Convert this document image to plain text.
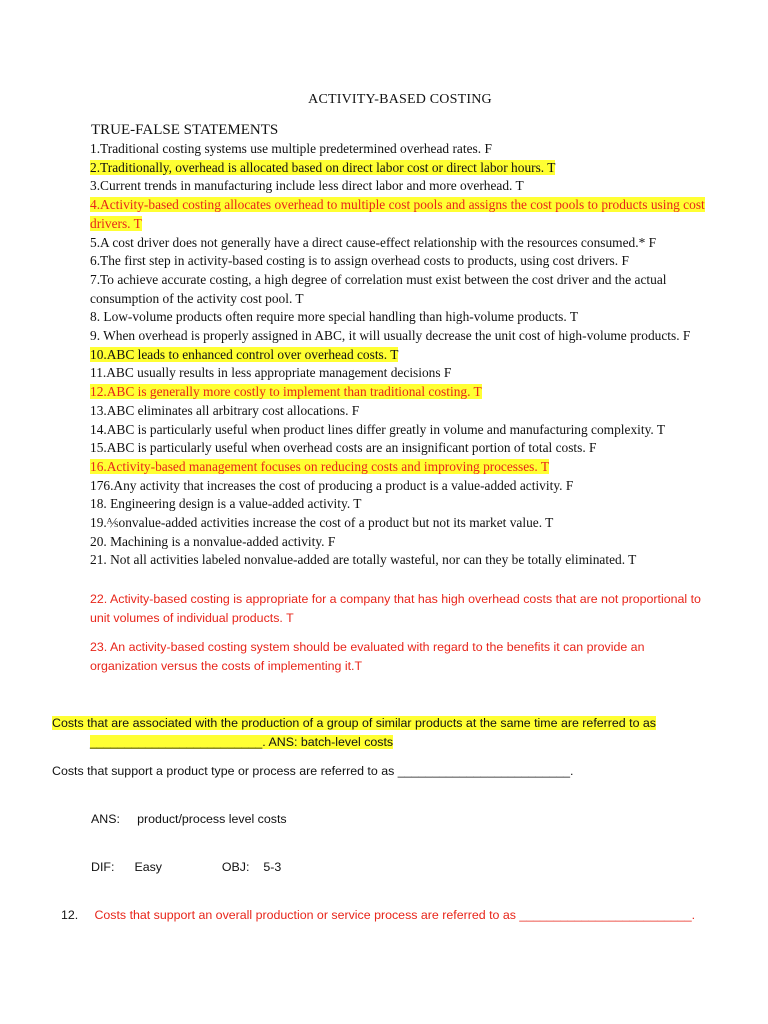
ACTIVITY-BASED COSTING
TRUE-FALSE STATEMENTS
1.Traditional costing systems use multiple predetermined overhead rates. F
2.Traditionally, overhead is allocated based on direct labor cost or direct labor hours. T
3.Current trends in manufacturing include less direct labor and more overhead. T
4.Activity-based costing allocates overhead to multiple cost pools and assigns the cost pools to products using cost drivers. T
5.A cost driver does not generally have a direct cause-effect relationship with the resources consumed.* F
6.The first step in activity-based costing is to assign overhead costs to products, using cost drivers. F
7.To achieve accurate costing, a high degree of correlation must exist between the cost driver and the actual consumption of the activity cost pool. T
8. Low-volume products often require more special handling than high-volume products. T
9. When overhead is properly assigned in ABC, it will usually decrease the unit cost of high-volume products. F
10.ABC leads to enhanced control over overhead costs. T
11.ABC usually results in less appropriate management decisions F
12.ABC is generally more costly to implement than traditional costing. T
13.ABC eliminates all arbitrary cost allocations. F
14.ABC is particularly useful when product lines differ greatly in volume and manufacturing complexity. T
15.ABC is particularly useful when overhead costs are an insignificant portion of total costs. F
16.Activity-based management focuses on reducing costs and improving processes. T
176.Any activity that increases the cost of producing a product is a value-added activity. F
18. Engineering design is a value-added activity. T
19.⅍onvalue-added activities increase the cost of a product but not its market value. T
20. Machining is a nonvalue-added activity. F
21. Not all activities labeled nonvalue-added are totally wasteful, nor can they be totally eliminated. T
22. Activity-based costing is appropriate for a company that has high overhead costs that are not proportional to unit volumes of individual products. T
23. An activity-based costing system should be evaluated with regard to the benefits it can provide an organization versus the costs of implementing it.T
Costs that are associated with the production of a group of similar products at the same time are referred to as
_________________________. ANS: batch-level costs
Costs that support a product type or process are referred to as _________________________.
ANS: product/process level costs
DIF: Easy	OBJ: 5-3
12. Costs that support an overall production or service process are referred to as _________________________.
